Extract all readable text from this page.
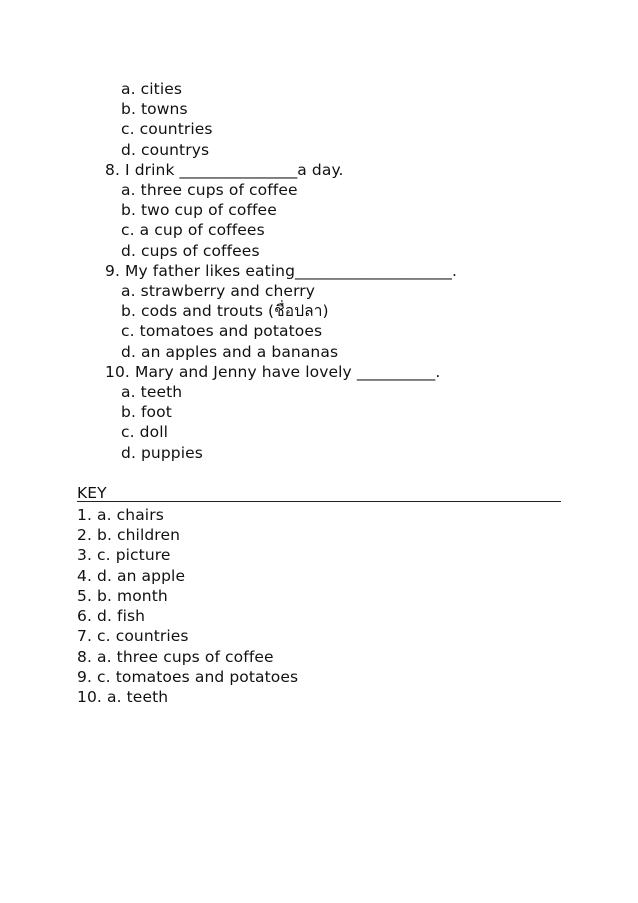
a. cities
b. towns
c. countries
d. countrys
8. I drink _______________a day.
a. three cups of coffee
b. two cup of coffee
c. a cup of coffees
d. cups of coffees
9. My father likes eating____________________.
a. strawberry and cherry
b. cods and trouts (ชื่อปลา)
c. tomatoes and potatoes
d. an apples and a bananas
10. Mary and Jenny have lovely __________.
a. teeth
b. foot
c. doll
d. puppies
KEY
1. a. chairs
2. b. children
3. c. picture
4. d. an apple
5. b. month
6. d. fish
7. c. countries
8. a. three cups of coffee
9. c. tomatoes and potatoes
10. a. teeth
